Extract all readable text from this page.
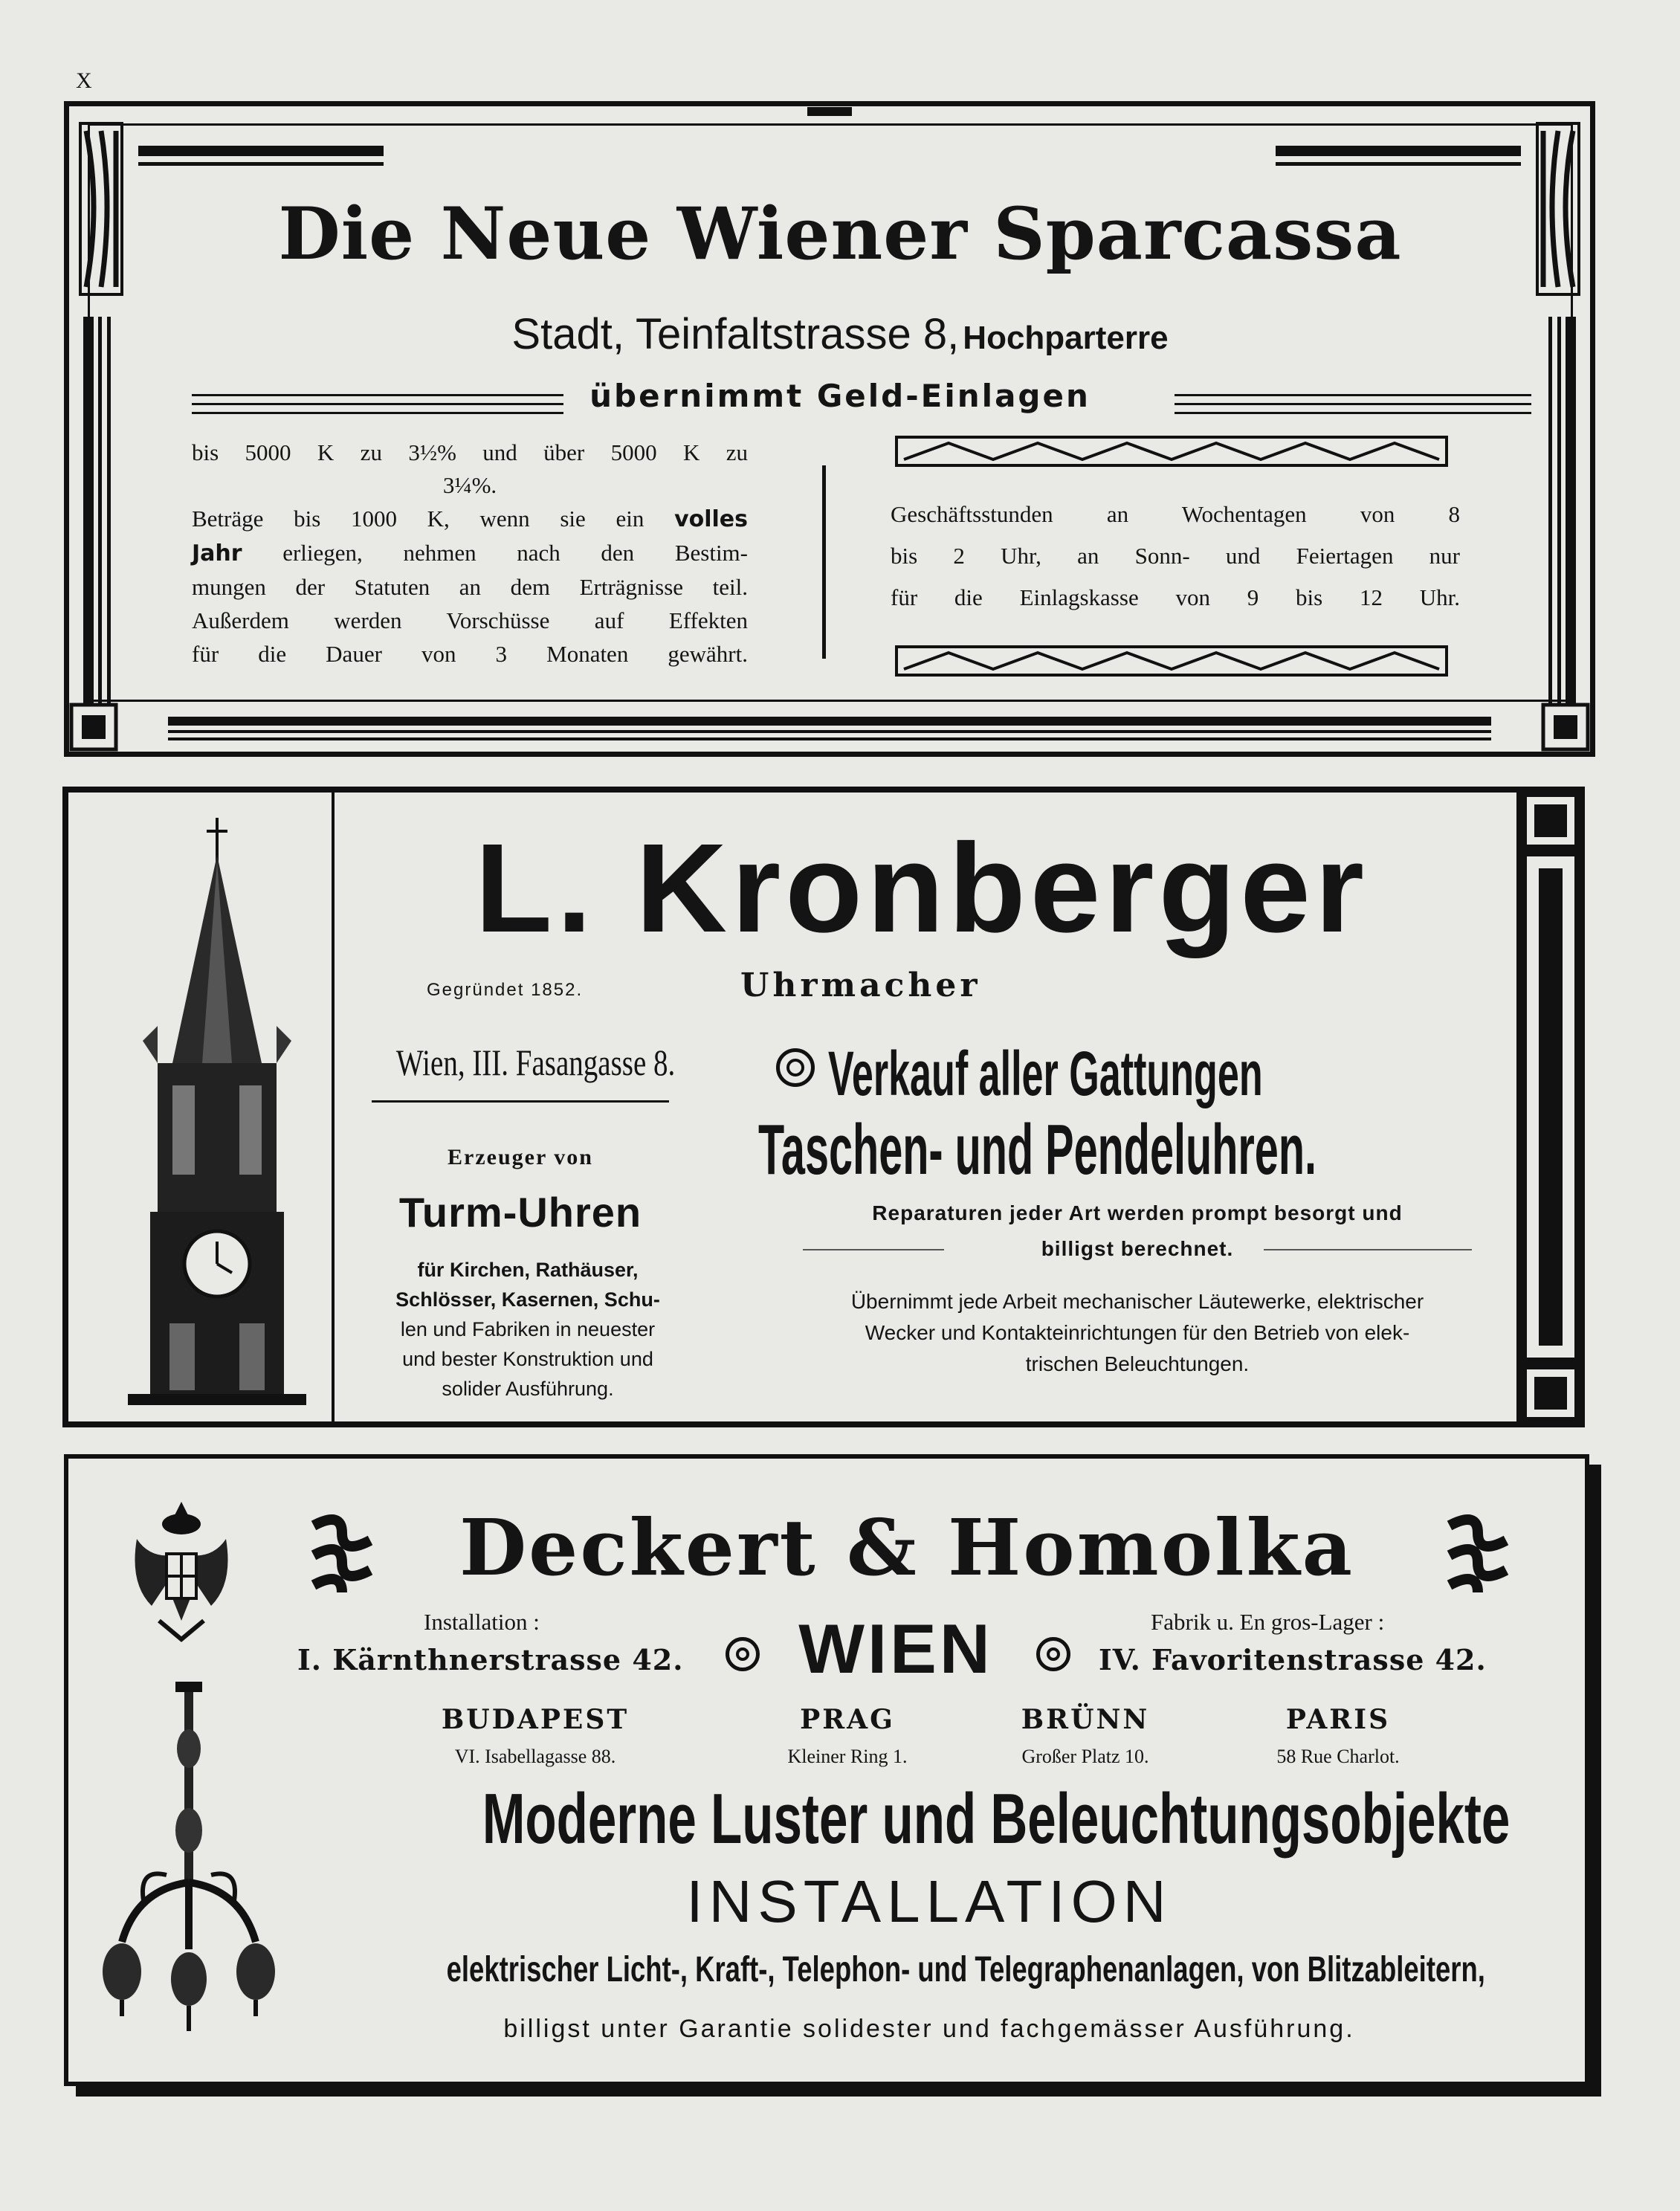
X
Die Neue Wiener Sparcassa
Stadt, Teinfaltstrasse 8, Hochparterre
übernimmt Geld-Einlagen
bis 5000 K zu 3½% und über 5000 K zu
3¼%.
Beträge bis 1000 K, wenn sie ein volles
Jahr erliegen, nehmen nach den Bestim-
mungen der Statuten an dem Erträgnisse teil.
Außerdem werden Vorschüsse auf Effekten
für die Dauer von 3 Monaten gewährt.
Geschäftsstunden an Wochentagen von 8
bis 2 Uhr, an Sonn- und Feiertagen nur
für die Einlagskasse von 9 bis 12 Uhr.
L. Kronberger
Gegründet 1852.	Uhrmacher
Wien, III. Fasangasse 8. Verkauf aller Gattungen
Taschen- und Pendeluhren.
Erzeuger von
Turm-Uhren
für Kirchen, Rathäuser,
Schlösser, Kasernen, Schu-
len und Fabriken in neuester
und bester Konstruktion und
solider Ausführung.
Reparaturen jeder Art werden prompt besorgt und
billigst berechnet.
Übernimmt jede Arbeit mechanischer Läutewerke, elektrischer
Wecker und Kontakteinrichtungen für den Betrieb von elek-
trischen Beleuchtungen.
Deckert & Homolka
Installation :
I. Kärnthnerstrasse 42.	WIEN	Fabrik u. En gros-Lager :
IV. Favoritenstrasse 42.
BUDAPEST
VI. Isabellagasse 88.
PRAG
Kleiner Ring 1.
BRÜNN
Großer Platz 10.
PARIS
58 Rue Charlot.
Moderne Luster und Beleuchtungsobjekte
INSTALLATION
elektrischer Licht-, Kraft-, Telephon- und Telegraphenanlagen, von Blitzableitern,
billigst unter Garantie solidester und fachgemässer Ausführung.
